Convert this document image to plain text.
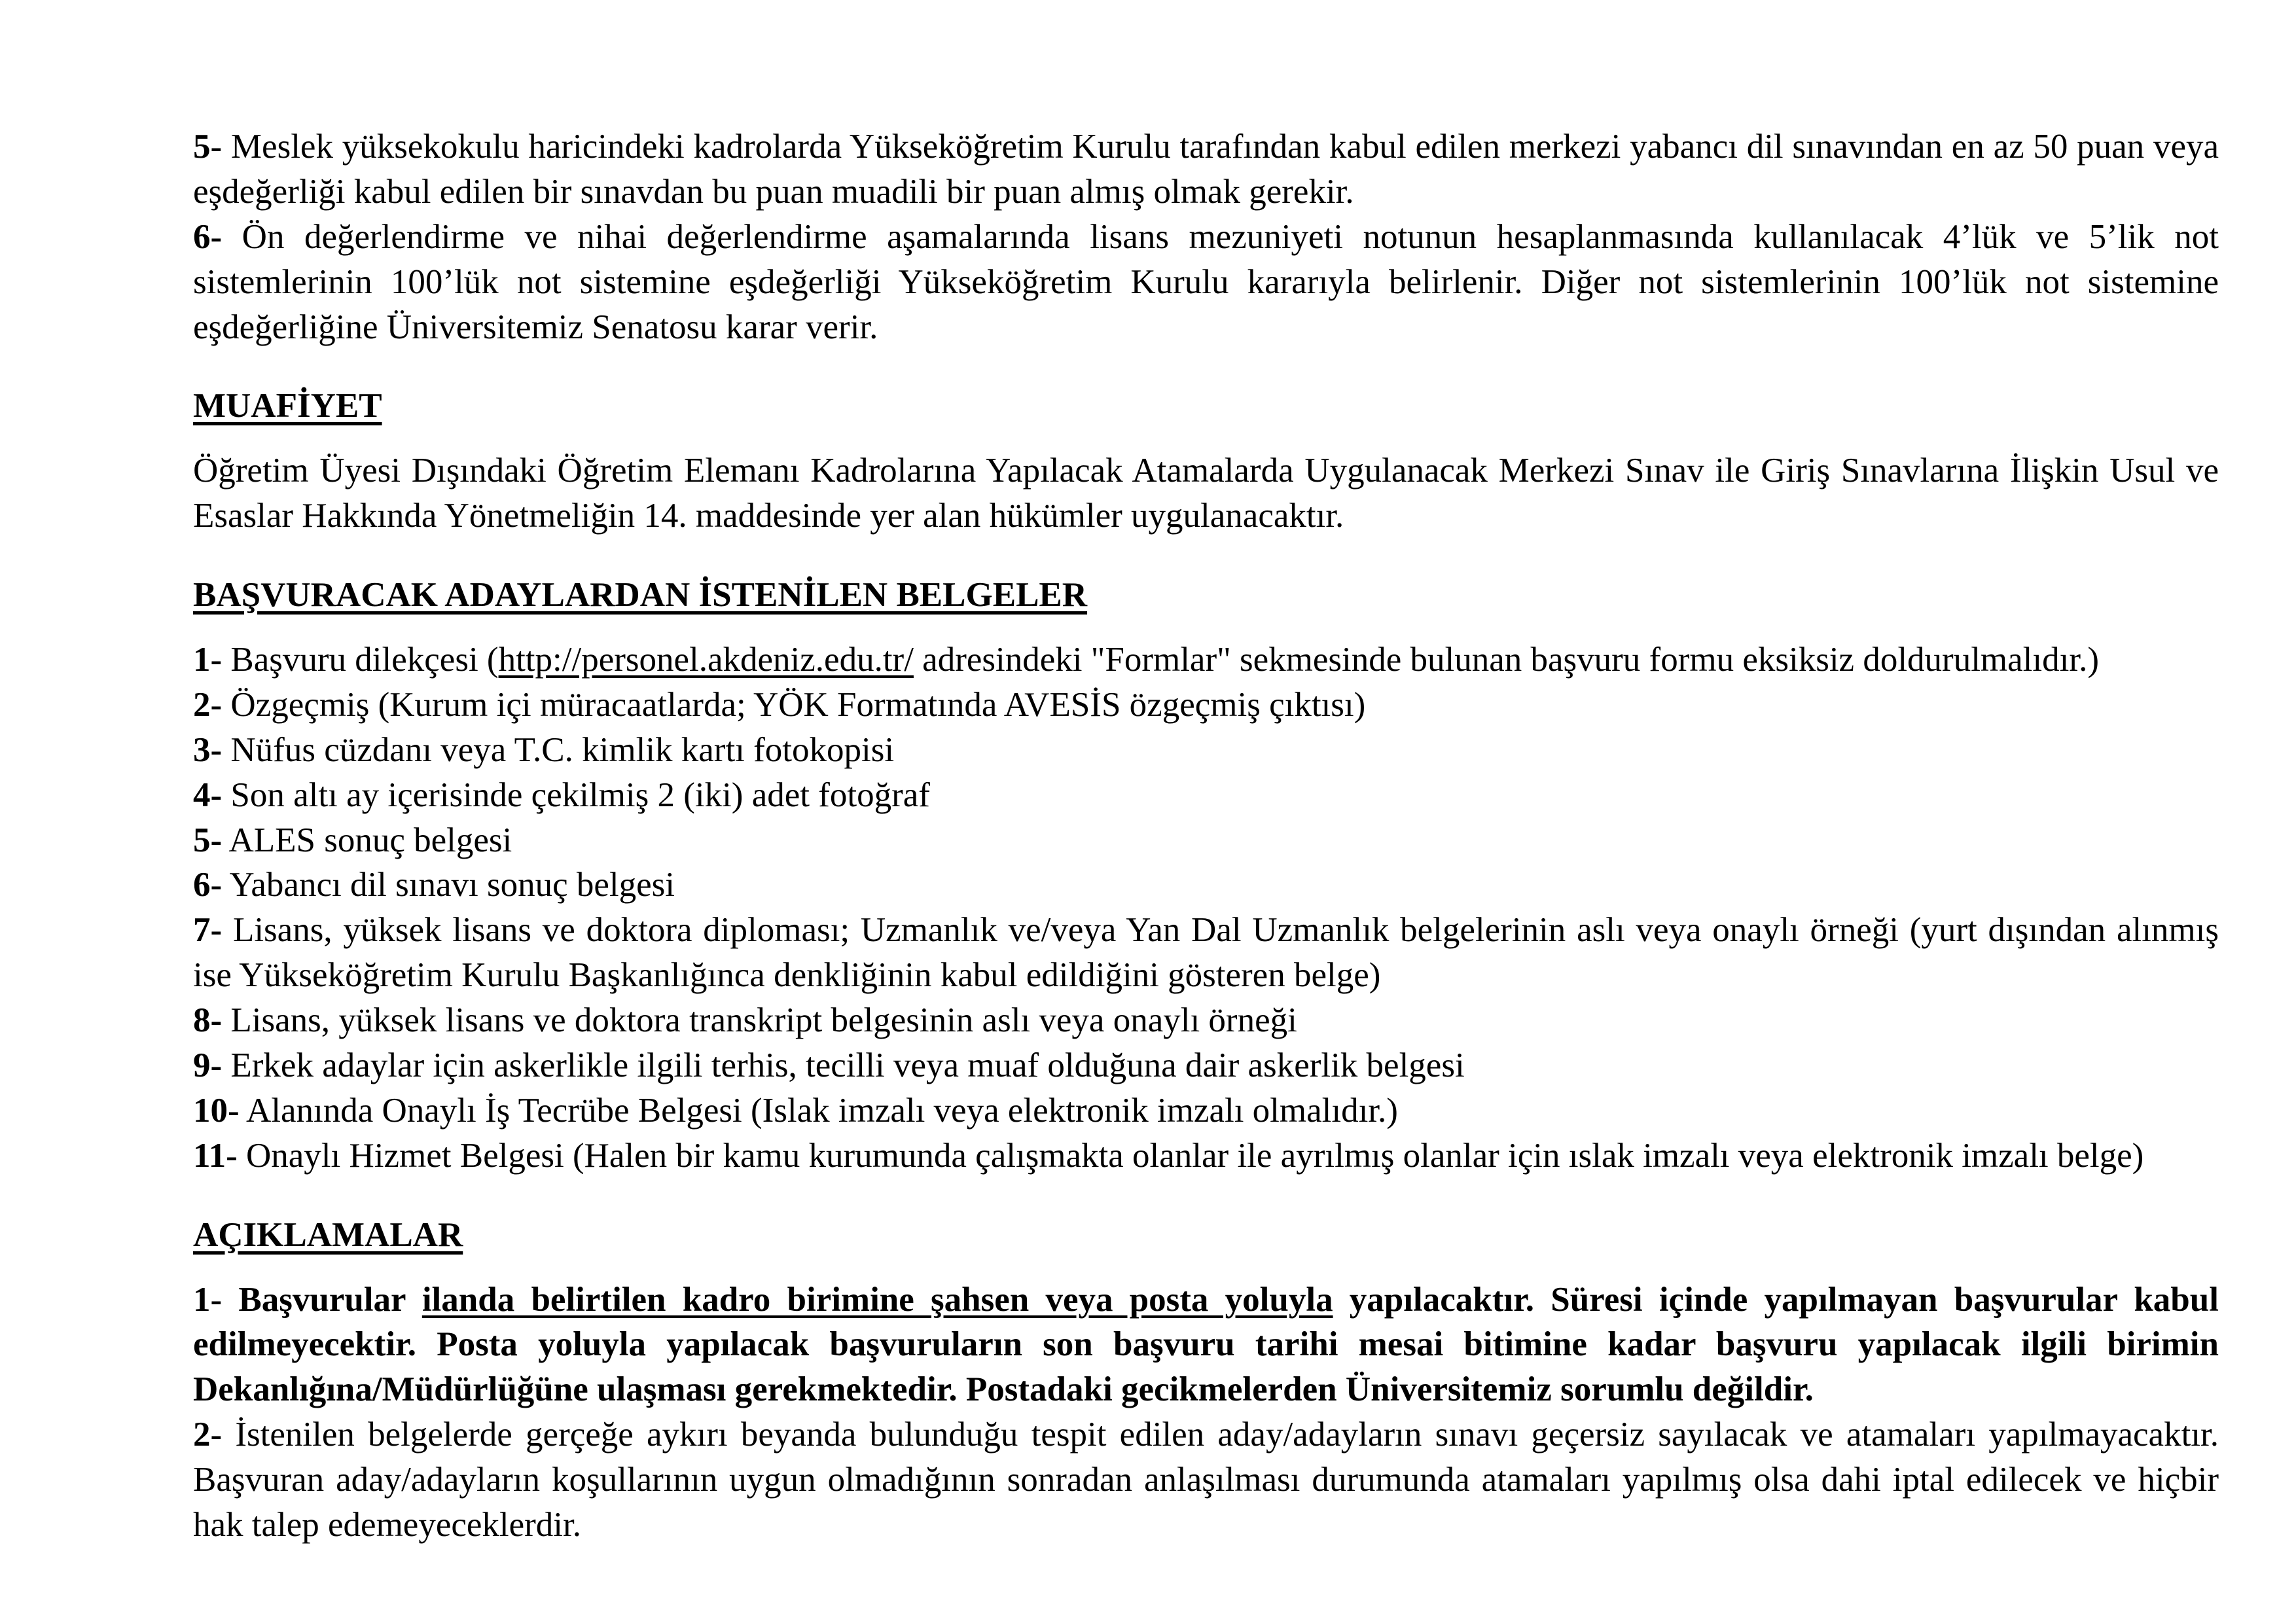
5- Meslek yüksekokulu haricindeki kadrolarda Yükseköğretim Kurulu tarafından kabul edilen merkezi yabancı dil sınavından en az 50 puan veya eşdeğerliği kabul edilen bir sınavdan bu puan muadili bir puan almış olmak gerekir.

6- Ön değerlendirme ve nihai değerlendirme aşamalarında lisans mezuniyeti notunun hesaplanmasında kullanılacak 4’lük ve 5’lik not sistemlerinin 100’lük not sistemine eşdeğerliği Yükseköğretim Kurulu kararıyla belirlenir. Diğer not sistemlerinin 100’lük not sistemine eşdeğerliğine Üniversitemiz Senatosu karar verir.

MUAFİYET

Öğretim Üyesi Dışındaki Öğretim Elemanı Kadrolarına Yapılacak Atamalarda Uygulanacak Merkezi Sınav ile Giriş Sınavlarına İlişkin Usul ve Esaslar Hakkında Yönetmeliğin 14. maddesinde yer alan hükümler uygulanacaktır.

BAŞVURACAK ADAYLARDAN İSTENİLEN BELGELER

1- Başvuru dilekçesi (http://personel.akdeniz.edu.tr/ adresindeki "Formlar" sekmesinde bulunan başvuru formu eksiksiz doldurulmalıdır.)

2- Özgeçmiş (Kurum içi müracaatlarda; YÖK Formatında AVESİS özgeçmiş çıktısı)

3- Nüfus cüzdanı veya T.C. kimlik kartı fotokopisi

4- Son altı ay içerisinde çekilmiş 2 (iki) adet fotoğraf

5- ALES sonuç belgesi

6- Yabancı dil sınavı sonuç belgesi

7- Lisans, yüksek lisans ve doktora diploması; Uzmanlık ve/veya Yan Dal Uzmanlık belgelerinin aslı veya onaylı örneği (yurt dışından alınmış ise Yükseköğretim Kurulu Başkanlığınca denkliğinin kabul edildiğini gösteren belge)

8- Lisans, yüksek lisans ve doktora transkript belgesinin aslı veya onaylı örneği

9- Erkek adaylar için askerlikle ilgili terhis, tecilli veya muaf olduğuna dair askerlik belgesi

10- Alanında Onaylı İş Tecrübe Belgesi (Islak imzalı veya elektronik imzalı olmalıdır.)

11- Onaylı Hizmet Belgesi (Halen bir kamu kurumunda çalışmakta olanlar ile ayrılmış olanlar için ıslak imzalı veya elektronik imzalı belge)

AÇIKLAMALAR

1- Başvurular ilanda belirtilen kadro birimine şahsen veya posta yoluyla yapılacaktır. Süresi içinde yapılmayan başvurular kabul edilmeyecektir. Posta yoluyla yapılacak başvuruların son başvuru tarihi mesai bitimine kadar başvuru yapılacak ilgili birimin Dekanlığına/Müdürlüğüne ulaşması gerekmektedir. Postadaki gecikmelerden Üniversitemiz sorumlu değildir.

2- İstenilen belgelerde gerçeğe aykırı beyanda bulunduğu tespit edilen aday/adayların sınavı geçersiz sayılacak ve atamaları yapılmayacaktır. Başvuran aday/adayların koşullarının uygun olmadığının sonradan anlaşılması durumunda atamaları yapılmış olsa dahi iptal edilecek ve hiçbir hak talep edemeyeceklerdir.
